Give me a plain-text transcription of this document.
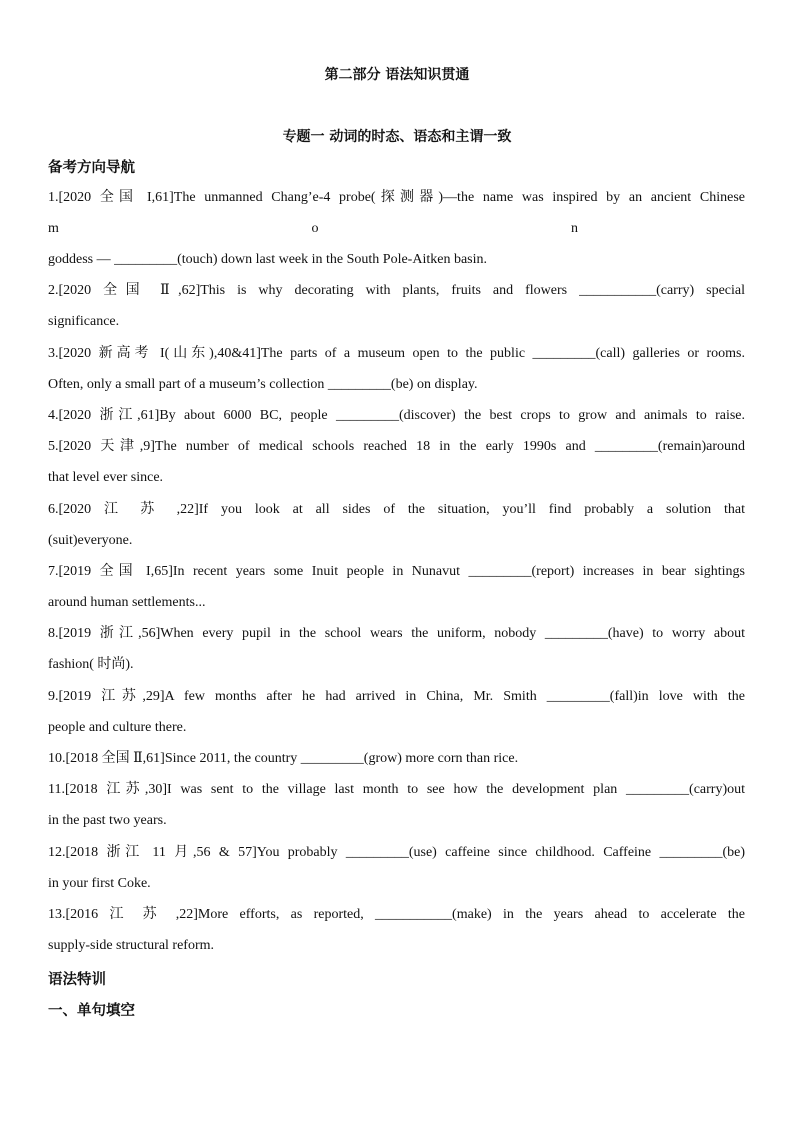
第二部分 语法知识贯通
专题一 动词的时态、语态和主谓一致
备考方向导航
1.[2020 全国 I,61]The unmanned Chang’e-4 probe(探测器)—the name was inspired by an ancient Chinese
m	o	n
goddess — _________(touch) down last week in the South Pole-Aitken basin.
2.[2020 全国 Ⅱ,62]This is why decorating with plants, fruits and flowers ___________(carry) special
significance.
3.[2020 新高考 I(山东),40&41]The parts of a museum open to the public _________(call) galleries or rooms.
Often, only a small part of a museum’s collection _________(be) on display.
4.[2020 浙江,61]By about 6000 BC, people _________(discover) the best crops to grow and animals to raise.
5.[2020 天津,9]The number of medical schools reached 18 in the early 1990s and _________(remain)around
that level ever since.
6.[2020 江 苏 ,22]If you look at all sides of the situation, you’ll find probably a solution that
(suit)everyone.
7.[2019 全国 I,65]In recent years some Inuit people in Nunavut _________(report) increases in bear sightings
around human settlements...
8.[2019 浙江,56]When every pupil in the school wears the uniform, nobody _________(have) to worry about
fashion( 时尚).
9.[2019 江苏,29]A few months after he had arrived in China, Mr. Smith _________(fall)in love with the
people and culture there.
10.[2018 全国 Ⅱ,61]Since 2011, the country _________(grow) more corn than rice.
11.[2018 江苏,30]I was sent to the village last month to see how the development plan _________(carry)out
in the past two years.
12.[2018 浙江 11 月,56 & 57]You probably _________(use) caffeine since childhood. Caffeine _________(be)
in your first Coke.
13.[2016 江 苏 ,22]More efforts, as reported, ___________(make) in the years ahead to accelerate the
supply-side structural reform.
语法特训
一、单句填空
